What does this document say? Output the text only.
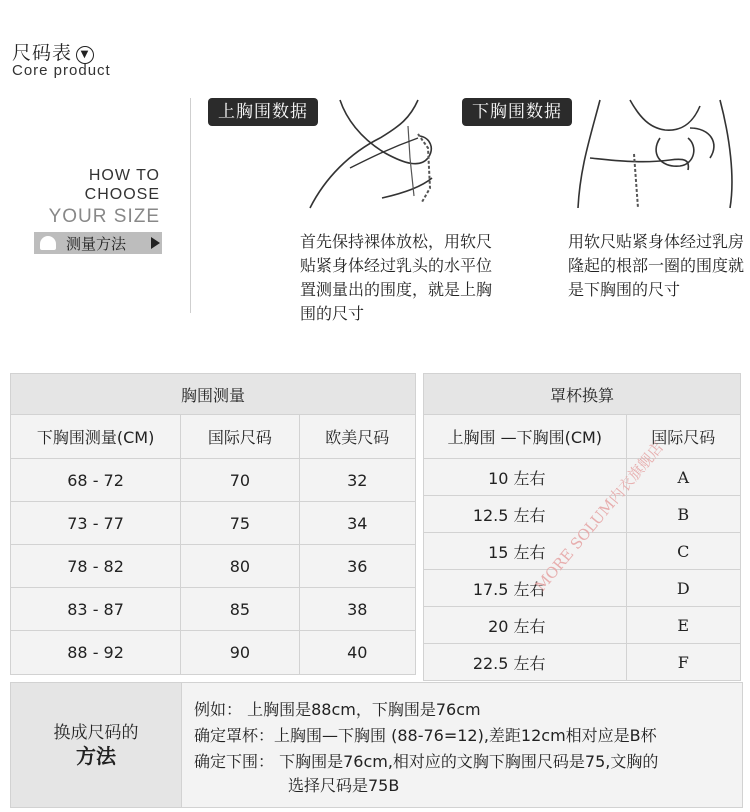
尺码表 ▼
Core product
HOW TO
CHOOSE
YOUR SIZE
测量方法
上胸围数据
首先保持裸体放松，用软尺贴紧身体经过乳头的水平位置测量出的围度，就是上胸围的尺寸
下胸围数据
用软尺贴紧身体经过乳房隆起的根部一圈的围度就是下胸围的尺寸
胸围测量		
下胸围测量(CM)	国际尺码	欧美尺码
68 - 72	70	32
73 - 77	75	34
78 - 82	80	36
83 - 87	85	38
88 - 92	90	40
罩杯换算	
上胸围 —下胸围(CM)	国际尺码
10 左右	A
12.5 左右	B
15 左右	C
17.5 左右	D
20 左右	E
22.5 左右	F
换成尺码的
方法
例如： 上胸围是88cm，下胸围是76cm
确定罩杯：上胸围—下胸围 (88-76=12),差距12cm相对应是B杯
确定下围： 下胸围是76cm,相对应的文胸下胸围尺码是75,文胸的
选择尺码是75B
MORE SOLUM内衣旗舰店
